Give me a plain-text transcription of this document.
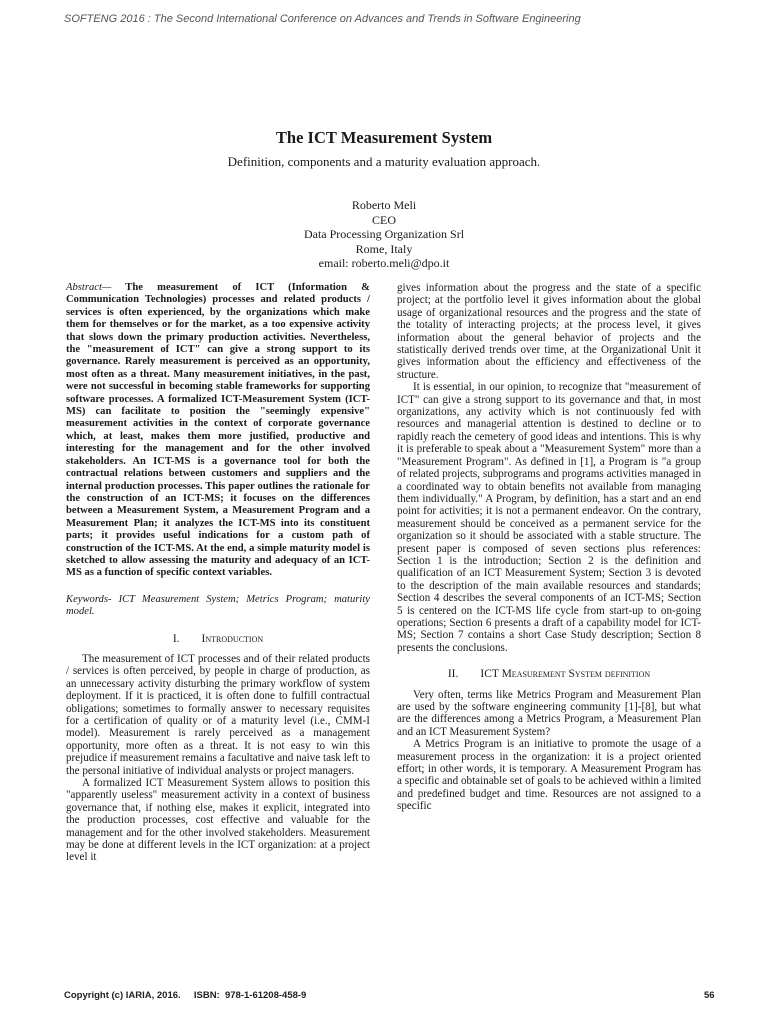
SOFTENG 2016 : The Second International Conference on Advances and Trends in Software Engineering
The ICT Measurement System
Definition, components and a maturity evaluation approach.
Roberto Meli
CEO
Data Processing Organization Srl
Rome, Italy
email: roberto.meli@dpo.it

Abstract— The measurement of ICT (Information & Communication Technologies) processes and related products / services is often experienced, by the organizations which make them for themselves or for the market, as a too expensive activity that slows down the primary production activities. Nevertheless, the "measurement of ICT" can give a strong support to its governance. Rarely measurement is perceived as an opportunity, most often as a threat. Many measurement initiatives, in the past, were not successful in becoming stable frameworks for supporting software processes. A formalized ICT-Measurement System (ICT-MS) can facilitate to position the "seemingly expensive" measurement activities in the context of corporate governance which, at least, makes them more justified, productive and interesting for the management and for the other involved stakeholders. An ICT-MS is a governance tool for both the contractual relations between customers and suppliers and the internal production processes. This paper outlines the rationale for the construction of an ICT-MS; it focuses on the differences between a Measurement System, a Measurement Program and a Measurement Plan; it analyzes the ICT-MS into its constituent parts; it provides useful indications for a custom path of construction of the ICT-MS. At the end, a simple maturity model is sketched to allow assessing the maturity and adequacy of an ICT-MS as a function of specific context variables.

Keywords- ICT Measurement System; Metrics Program; maturity model.

I. Introduction

The measurement of ICT processes and of their related products / services is often perceived, by people in charge of production, as an unnecessary activity disturbing the primary workflow of system deployment. If it is practiced, it is often done to fulfill contractual obligations; sometimes to formally answer to necessary requisites for a certification of quality or of a maturity level (i.e., CMM-I model). Measurement is rarely perceived as a management opportunity, more often as a threat. It is not easy to win this prejudice if measurement remains a facultative and naive task left to the personal initiative of individual analysts or project managers.

A formalized ICT Measurement System allows to position this "apparently useless" measurement activity in a context of business governance that, if nothing else, makes it explicit, integrated into the production processes, cost effective and valuable for the management and for the other involved stakeholders. Measurement may be done at different levels in the ICT organization: at a project level it

gives information about the progress and the state of a specific project; at the portfolio level it gives information about the global usage of organizational resources and the progress and the state of the totality of interacting projects; at the process level, it gives information about the general behavior of projects and the statistically derived trends over time, at the Organizational Unit it gives information about the efficiency and effectiveness of the structure.

It is essential, in our opinion, to recognize that "measurement of ICT" can give a strong support to its governance and that, in most organizations, any activity which is not continuously fed with resources and managerial attention is destined to decline or to rapidly reach the cemetery of good ideas and intentions. This is why it is preferable to speak about a "Measurement System" more than a "Measurement Program". As defined in [1], a Program is "a group of related projects, subprograms and programs activities managed in a coordinated way to obtain benefits not available from managing them individually." A Program, by definition, has a start and an end point for activities; it is not a permanent endeavor. On the contrary, measurement should be conceived as a permanent service for the organization so it should be associated with a stable structure. The present paper is composed of seven sections plus references: Section 1 is the introduction; Section 2 is the definition and qualification of an ICT Measurement System; Section 3 is devoted to the description of the main available resources and standards; Section 4 describes the several components of an ICT-MS; Section 5 is centered on the ICT-MS life cycle from start-up to on-going operations; Section 6 presents a draft of a capability model for ICT-MS; Section 7 contains a short Case Study description; Section 8 presents the conclusions.

II. ICT Measurement System definition

Very often, terms like Metrics Program and Measurement Plan are used by the software engineering community [1]-[8], but what are the differences among a Metrics Program, a Measurement Plan and an ICT Measurement System?

A Metrics Program is an initiative to promote the usage of a measurement process in the organization: it is a project oriented effort; in other words, it is temporary. A Measurement Program has a specific and obtainable set of goals to be achieved within a limited and predefined budget and time. Resources are not assigned to a specific

Copyright (c) IARIA, 2016.     ISBN:  978-1-61208-458-9	56
